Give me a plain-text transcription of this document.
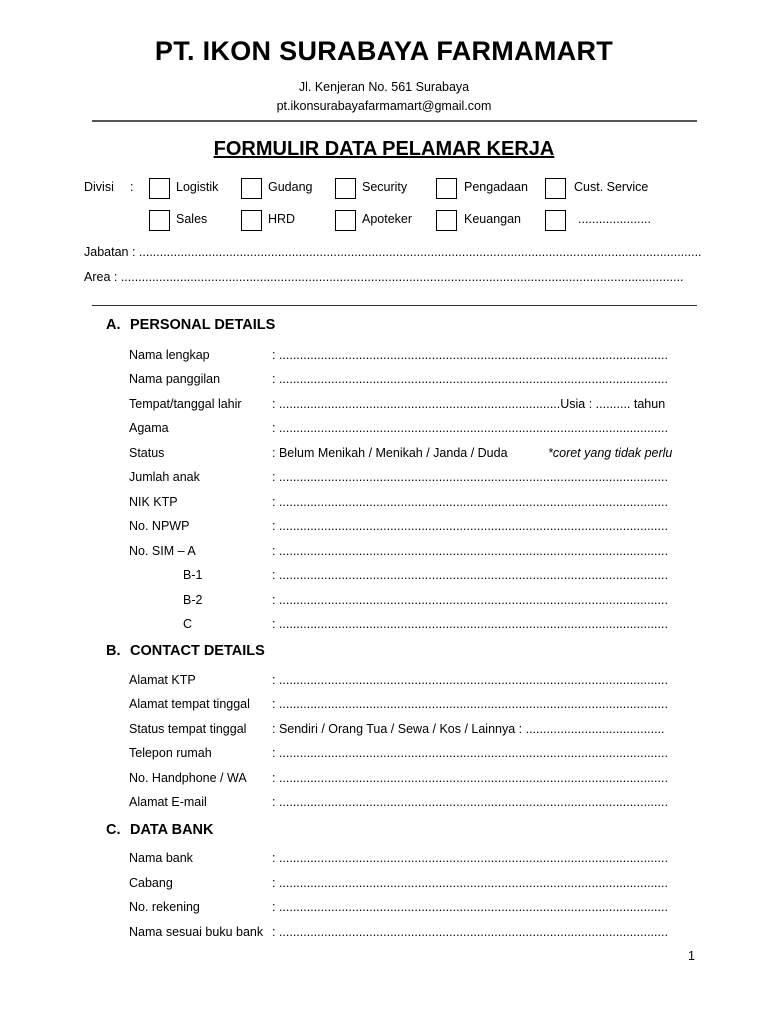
PT. IKON SURABAYA FARMAMART
Jl. Kenjeran No. 561 Surabaya
pt.ikonsurabayafarmamart@gmail.com
FORMULIR DATA PELAMAR KERJA
Divisi :	Logistik	Gudang	Security	Pengadaan	Cust. Service
Sales	HRD	Apoteker	Keuangan	.....................
Jabatan : ..................................................................................................................................................................
Area : ..................................................................................................................................................................
A. PERSONAL DETAILS
Nama lengkap	: ................................................................................................................
Nama panggilan	: ................................................................................................................
Tempat/tanggal lahir : .................................................................................Usia : .......... tahun
Agama	: ................................................................................................................
Status	: Belum Menikah / Menikah / Janda / Duda	*coret yang tidak perlu
Jumlah anak	: ................................................................................................................
NIK KTP	: ................................................................................................................
No. NPWP	: ................................................................................................................
No. SIM – A	: ................................................................................................................
B-1	: ................................................................................................................
B-2	: ................................................................................................................
C	: ................................................................................................................
B. CONTACT DETAILS
Alamat KTP	: ................................................................................................................
Alamat tempat tinggal : ................................................................................................................
Status tempat tinggal : Sendiri / Orang Tua / Sewa / Kos / Lainnya : ........................................
Telepon rumah	: ................................................................................................................
No. Handphone / WA : ................................................................................................................
Alamat E-mail	: ................................................................................................................
C. DATA BANK
Nama bank	: ................................................................................................................
Cabang	: ................................................................................................................
No. rekening	: ................................................................................................................
Nama sesuai buku bank : ................................................................................................................
1
